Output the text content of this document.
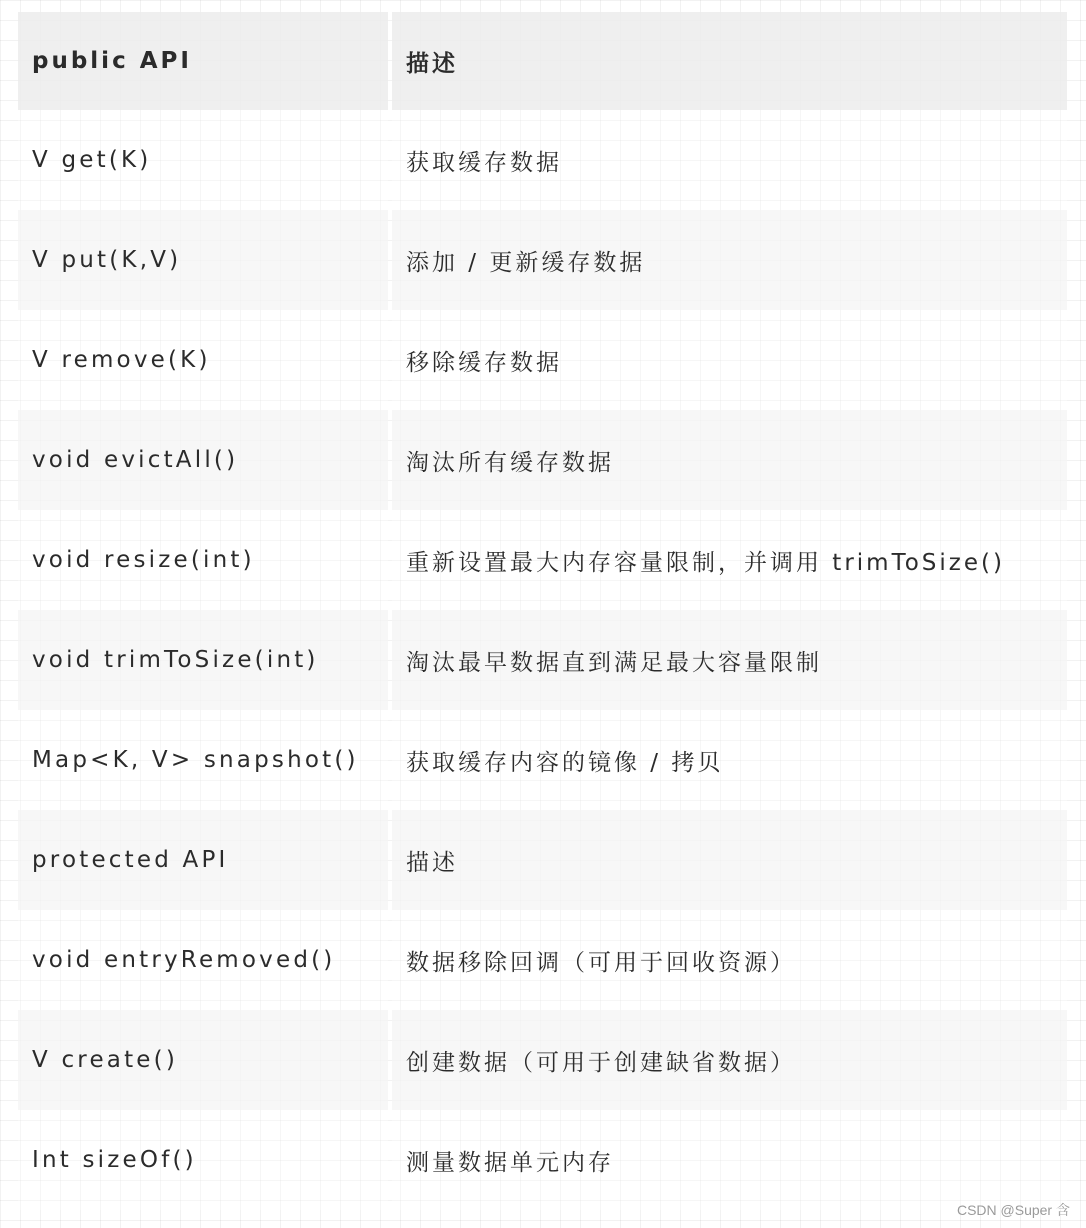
public API	描述
V get(K)	获取缓存数据
V put(K,V)	添加 / 更新缓存数据
V remove(K)	移除缓存数据
void evictAll()	淘汰所有缓存数据
void resize(int)	重新设置最大内存容量限制，并调用 trimToSize()
void trimToSize(int)	淘汰最早数据直到满足最大容量限制
Map<K, V> snapshot()	获取缓存内容的镜像 / 拷贝
protected API	描述
void entryRemoved()	数据移除回调（可用于回收资源）
V create()	创建数据（可用于创建缺省数据）
Int sizeOf()	测量数据单元内存
CSDN @Super 含
